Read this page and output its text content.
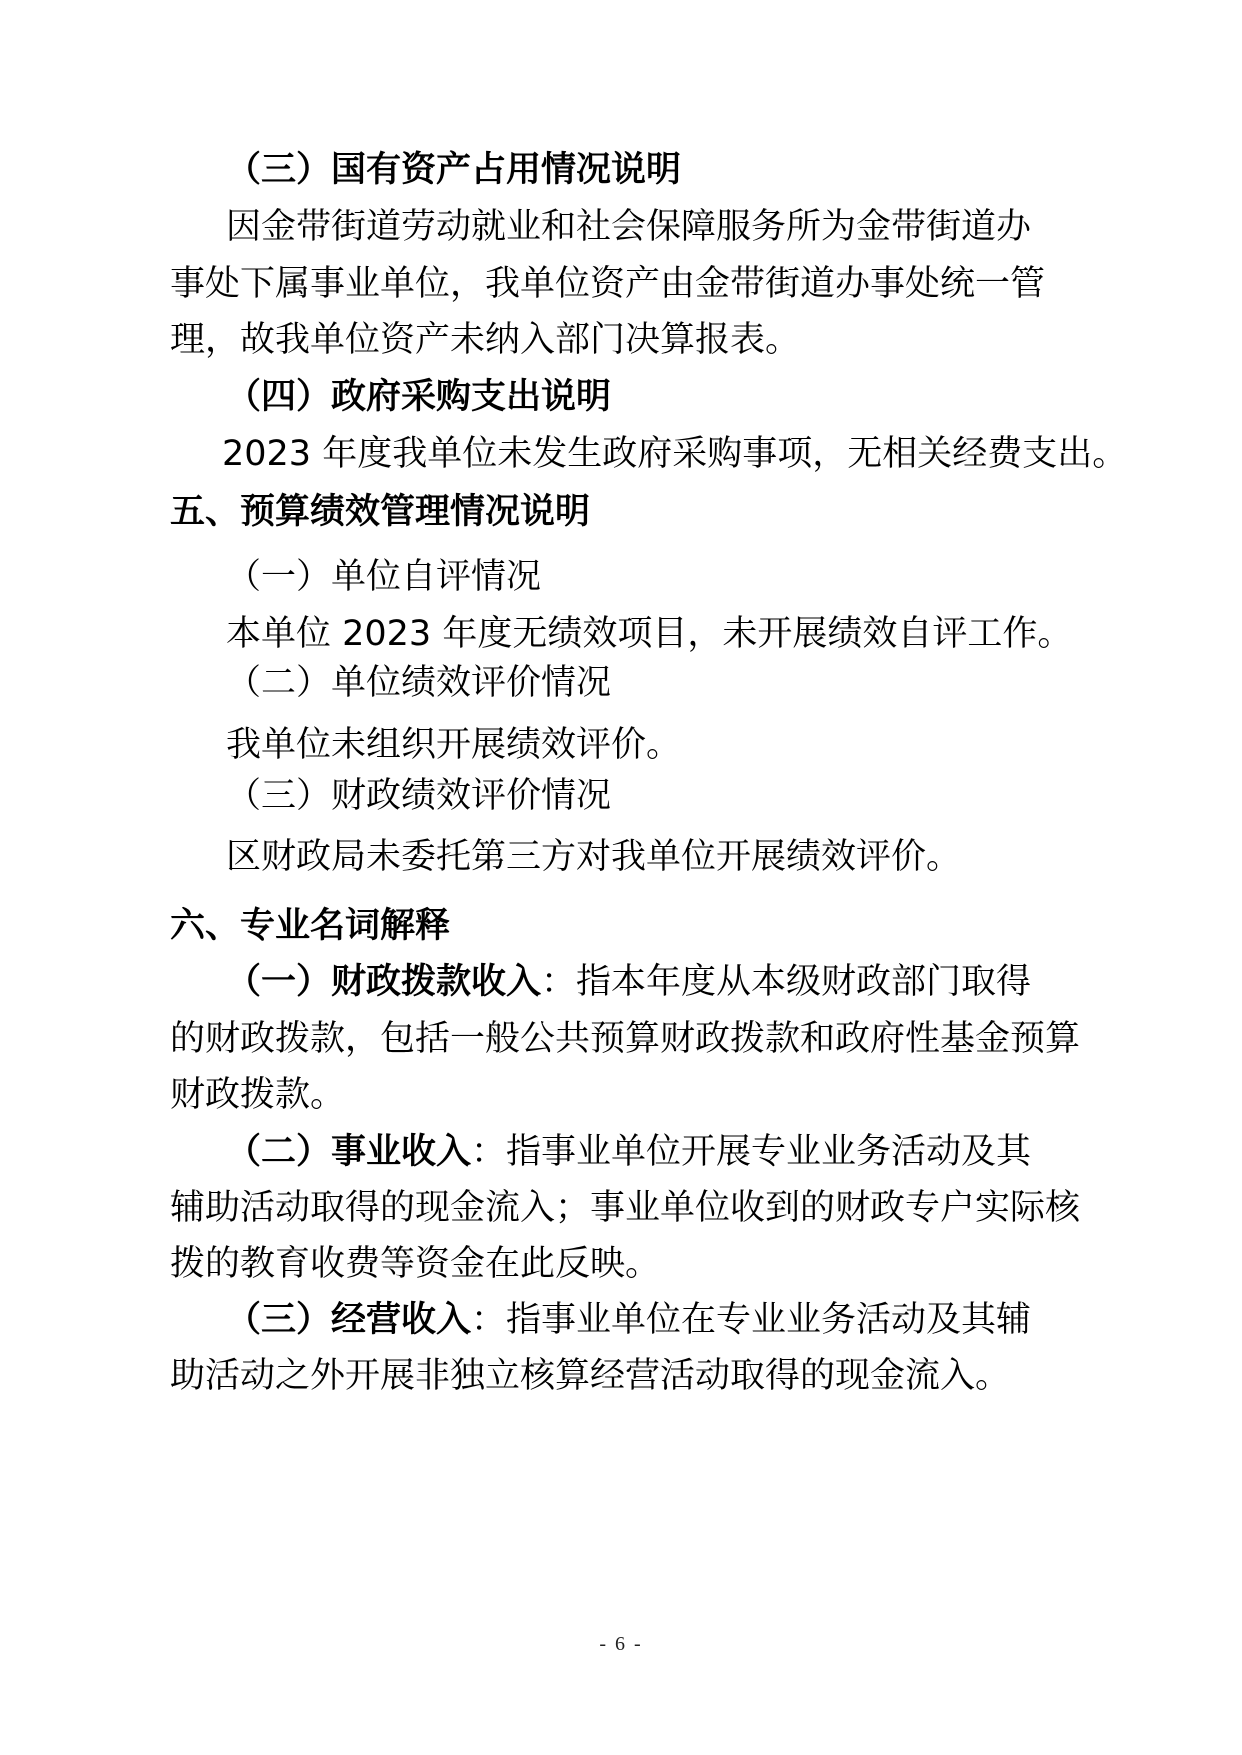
（三）国有资产占用情况说明

因金带街道劳动就业和社会保障服务所为金带街道办

事处下属事业单位，我单位资产由金带街道办事处统一管

理，故我单位资产未纳入部门决算报表。

（四）政府采购支出说明

2023 年度我单位未发生政府采购事项，无相关经费支出。

五、预算绩效管理情况说明

（一）单位自评情况

本单位 2023 年度无绩效项目，未开展绩效自评工作。

（二）单位绩效评价情况

我单位未组织开展绩效评价。

（三）财政绩效评价情况

区财政局未委托第三方对我单位开展绩效评价。

六、专业名词解释

（一）财政拨款收入：指本年度从本级财政部门取得

的财政拨款，包括一般公共预算财政拨款和政府性基金预算

财政拨款。

（二）事业收入：指事业单位开展专业业务活动及其

辅助活动取得的现金流入；事业单位收到的财政专户实际核

拨的教育收费等资金在此反映。

（三）经营收入：指事业单位在专业业务活动及其辅

助活动之外开展非独立核算经营活动取得的现金流入。

- 6 -
